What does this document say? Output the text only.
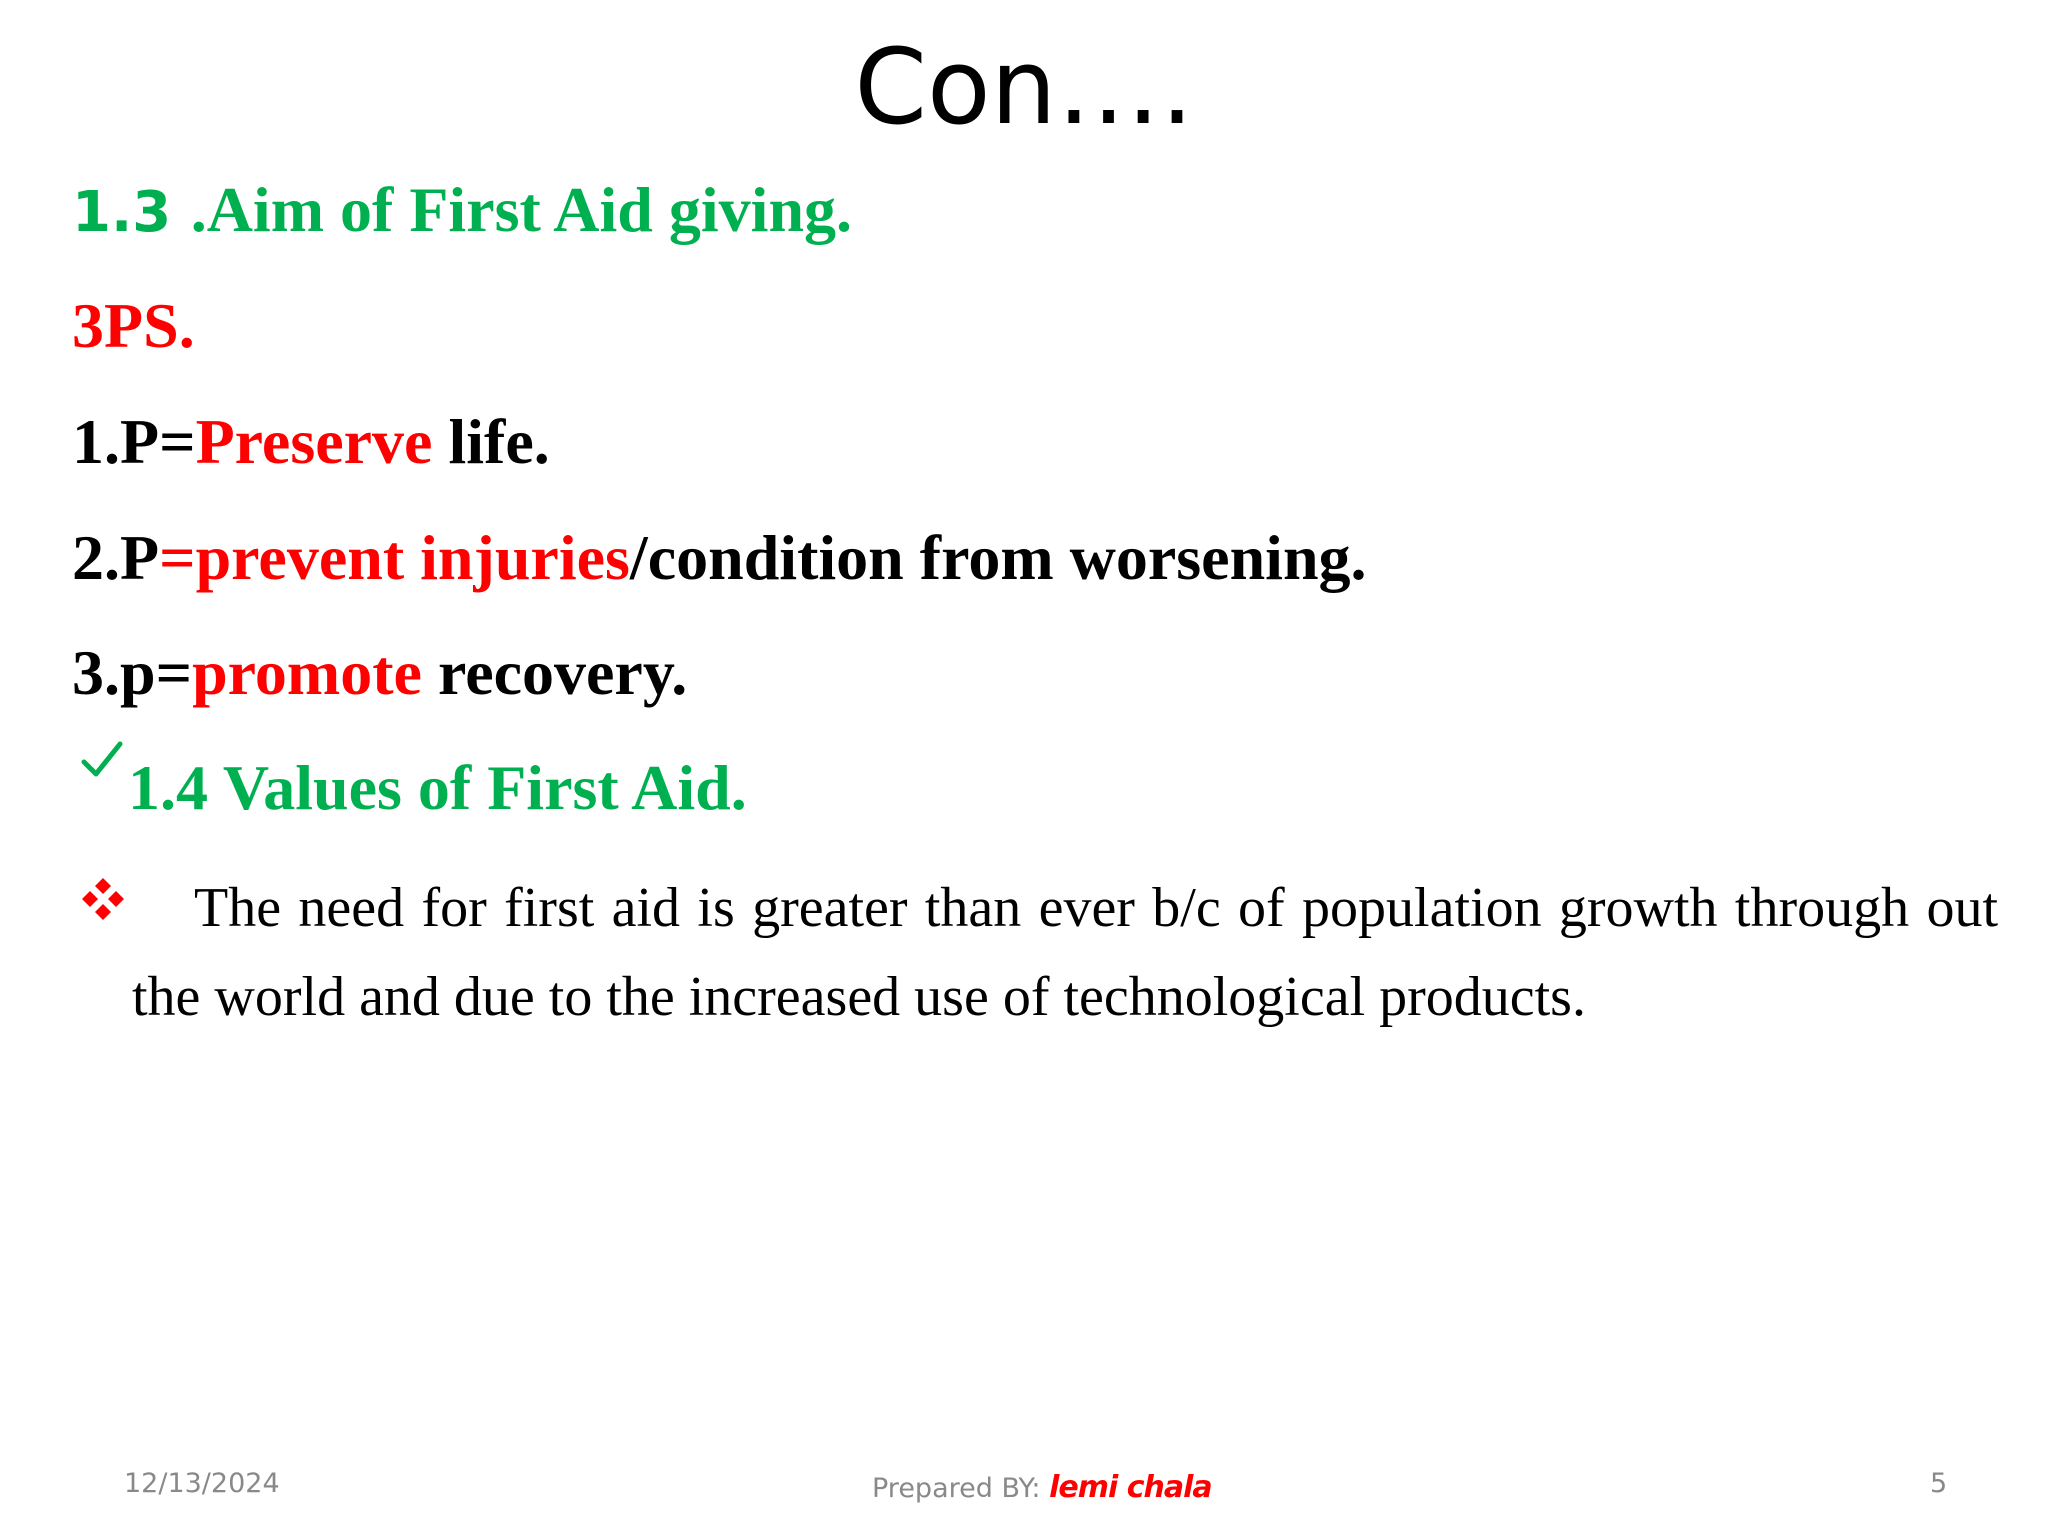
Con….
1.3 .Aim of First Aid giving.
3PS.
1.P=Preserve life.
2.P=prevent injuries/condition from worsening.
3.p=promote recovery.
1.4 Values of First Aid.
The need for first aid is greater than ever b/c of population growth through out the world and due to the increased use of technological products.
12/13/2024	Prepared BY: lemi chala	5
